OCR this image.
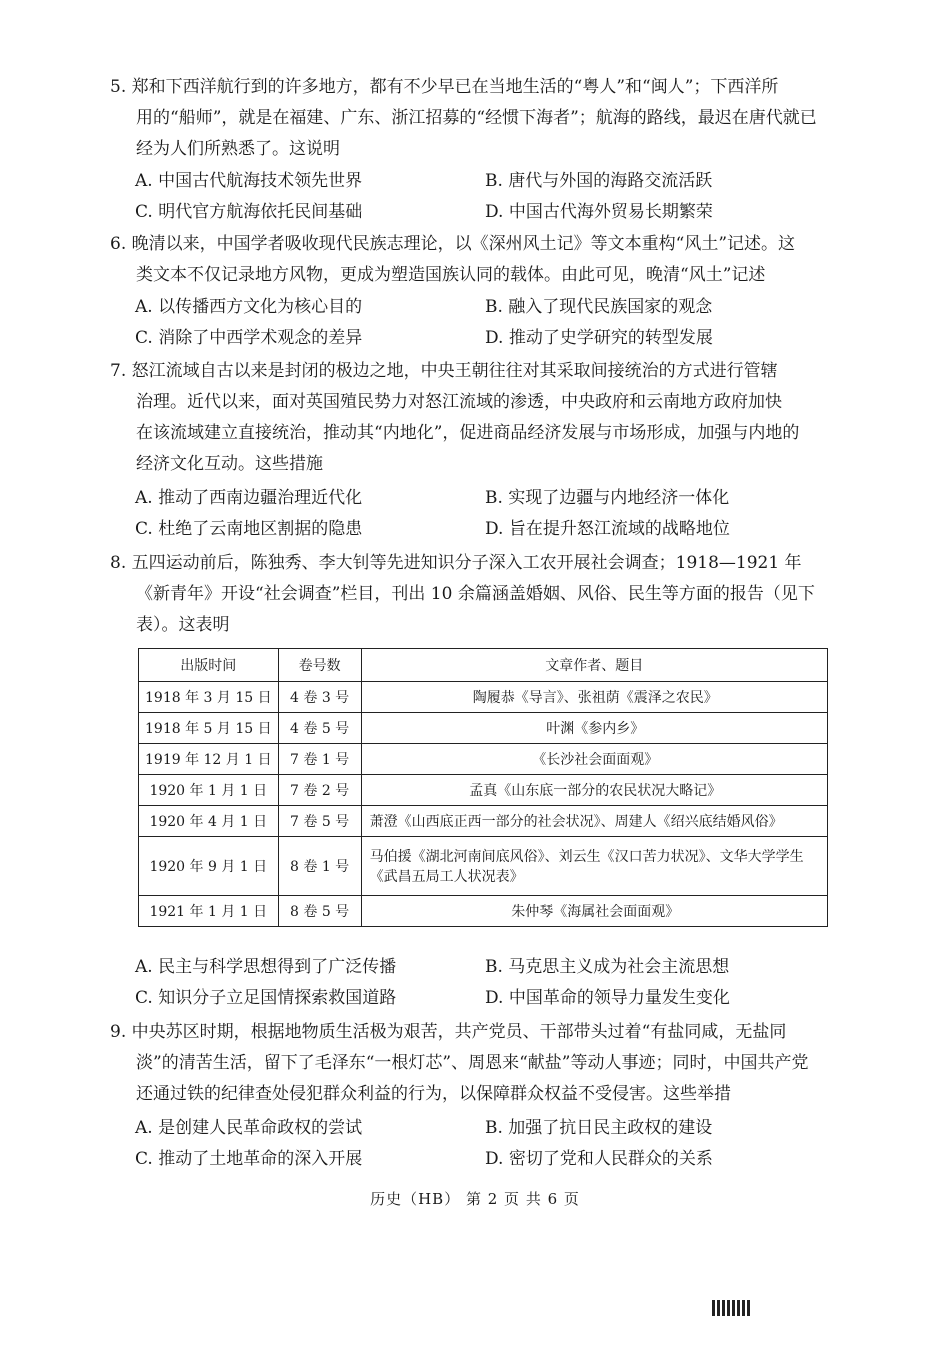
5. 郑和下西洋航行到的许多地方，都有不少早已在当地生活的“粤人”和“闽人”；下西洋所
用的“船师”，就是在福建、广东、浙江招募的“经惯下海者”；航海的路线，最迟在唐代就已
经为人们所熟悉了。这说明
A. 中国古代航海技术领先世界	B. 唐代与外国的海路交流活跃
C. 明代官方航海依托民间基础	D. 中国古代海外贸易长期繁荣
6. 晚清以来，中国学者吸收现代民族志理论，以《深州风土记》等文本重构“风土”记述。这
类文本不仅记录地方风物，更成为塑造国族认同的载体。由此可见，晚清“风土”记述
A. 以传播西方文化为核心目的	B. 融入了现代民族国家的观念
C. 消除了中西学术观念的差异	D. 推动了史学研究的转型发展
7. 怒江流域自古以来是封闭的极边之地，中央王朝往往对其采取间接统治的方式进行管辖
治理。近代以来，面对英国殖民势力对怒江流域的渗透，中央政府和云南地方政府加快
在该流域建立直接统治，推动其“内地化”，促进商品经济发展与市场形成，加强与内地的
经济文化互动。这些措施
A. 推动了西南边疆治理近代化	B. 实现了边疆与内地经济一体化
C. 杜绝了云南地区割据的隐患	D. 旨在提升怒江流域的战略地位
8. 五四运动前后，陈独秀、李大钊等先进知识分子深入工农开展社会调查；1918—1921 年
《新青年》开设“社会调查”栏目，刊出 10 余篇涵盖婚姻、风俗、民生等方面的报告（见下
表）。这表明
出版时间	卷号数	文章作者、题目
1918 年 3 月 15 日	4 卷 3 号	陶履恭《导言》、张祖荫《震泽之农民》
1918 年 5 月 15 日	4 卷 5 号	叶渊《参内乡》
1919 年 12 月 1 日	7 卷 1 号	《长沙社会面面观》
1920 年 1 月 1 日	7 卷 2 号	孟真《山东底一部分的农民状况大略记》
1920 年 4 月 1 日	7 卷 5 号	萧澄《山西底正西一部分的社会状况》、周建人《绍兴底结婚风俗》
1920 年 9 月 1 日	8 卷 1 号	马伯援《湖北河南间底风俗》、刘云生《汉口苦力状况》、文华大学学生《武昌五局工人状况表》
1921 年 1 月 1 日	8 卷 5 号	朱仲琴《海属社会面面观》
A. 民主与科学思想得到了广泛传播	B. 马克思主义成为社会主流思想
C. 知识分子立足国情探索救国道路	D. 中国革命的领导力量发生变化
9. 中央苏区时期，根据地物质生活极为艰苦，共产党员、干部带头过着“有盐同咸，无盐同
淡”的清苦生活，留下了毛泽东“一根灯芯”、周恩来“献盐”等动人事迹；同时，中国共产党
还通过铁的纪律查处侵犯群众利益的行为，以保障群众权益不受侵害。这些举措
A. 是创建人民革命政权的尝试	B. 加强了抗日民主政权的建设
C. 推动了土地革命的深入开展	D. 密切了党和人民群众的关系
历史（HB） 第 2 页 共 6 页
